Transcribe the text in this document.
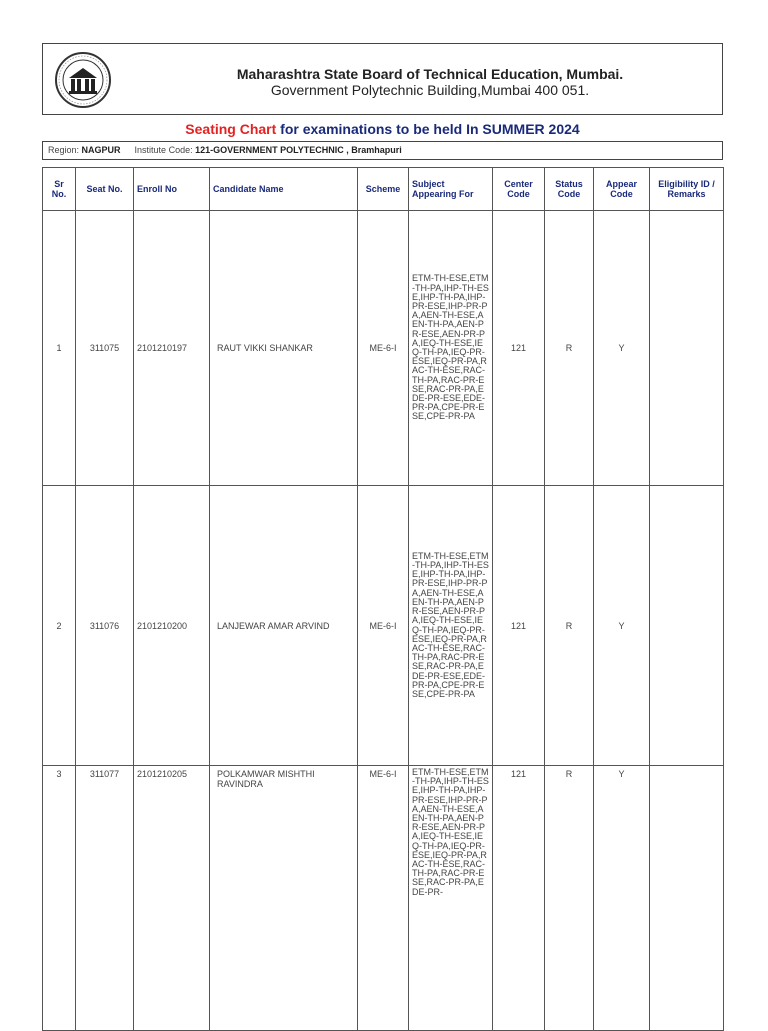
Maharashtra State Board of Technical Education, Mumbai.
Government Polytechnic Building,Mumbai 400 051.
Seating Chart for examinations to be held In SUMMER 2024
Region: NAGPUR Institute Code: 121-GOVERNMENT POLYTECHNIC , Bramhapuri
Sr No.	Seat No.	Enroll No	Candidate Name	Scheme	Subject Appearing For	Center Code	Status Code	Appear Code	Eligibility ID / Remarks
1	311075	2101210197	RAUT VIKKI SHANKAR	ME-6-I	ETM-TH-ESE,ETM-TH-PA,IHP-TH-ESE,IHP-TH-PA,IHP-PR-ESE,IHP-PR-PA,AEN-TH-ESE,AEN-TH-PA,AEN-PR-ESE,AEN-PR-PA,IEQ-TH-ESE,IEQ-TH-PA,IEQ-PR-ESE,IEQ-PR-PA,RAC-TH-ESE,RAC-TH-PA,RAC-PR-ESE,RAC-PR-PA,EDE-PR-ESE,EDE-PR-PA,CPE-PR-ESE,CPE-PR-PA	121	R	Y	
2	311076	2101210200	LANJEWAR AMAR ARVIND	ME-6-I	ETM-TH-ESE,ETM-TH-PA,IHP-TH-ESE,IHP-TH-PA,IHP-PR-ESE,IHP-PR-PA,AEN-TH-ESE,AEN-TH-PA,AEN-PR-ESE,AEN-PR-PA,IEQ-TH-ESE,IEQ-TH-PA,IEQ-PR-ESE,IEQ-PR-PA,RAC-TH-ESE,RAC-TH-PA,RAC-PR-ESE,RAC-PR-PA,EDE-PR-ESE,EDE-PR-PA,CPE-PR-ESE,CPE-PR-PA	121	R	Y	
3	311077	2101210205	POLKAMWAR MISHTHI RAVINDRA	ME-6-I	ETM-TH-ESE,ETM-TH-PA,IHP-TH-ESE,IHP-TH-PA,IHP-PR-ESE,IHP-PR-PA,AEN-TH-ESE,AEN-TH-PA,AEN-PR-ESE,AEN-PR-PA,IEQ-TH-ESE,IEQ-TH-PA,IEQ-PR-ESE,IEQ-PR-PA,RAC-TH-ESE,RAC-TH-PA,RAC-PR-ESE,RAC-PR-PA,EDE-PR-	121	R	Y	
